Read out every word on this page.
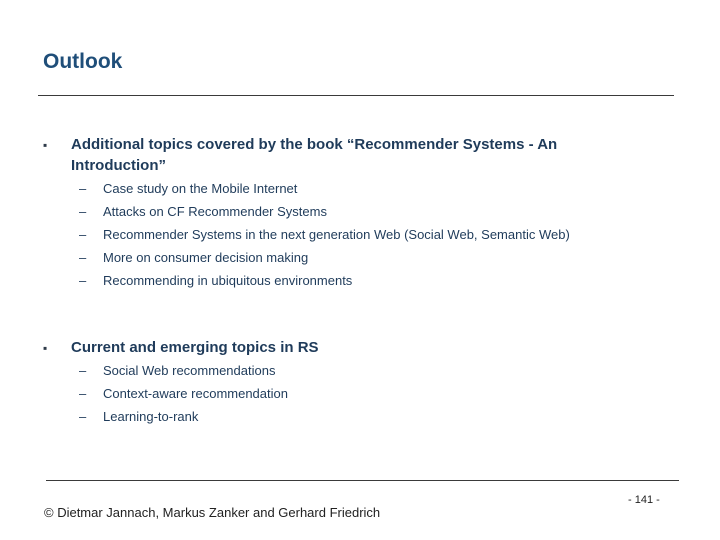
Outlook
▪	Additional topics covered by the book “Recommender Systems - An Introduction”
–	Case study on the Mobile Internet
–	Attacks on CF Recommender Systems
–	Recommender Systems in the next generation Web (Social Web, Semantic Web)
–	More on consumer decision making
–	Recommending in ubiquitous environments
▪	Current and emerging topics in RS
–	Social Web recommendations
–	Context-aware recommendation
–	Learning-to-rank
© Dietmar Jannach, Markus Zanker and Gerhard Friedrich
- 141 -
